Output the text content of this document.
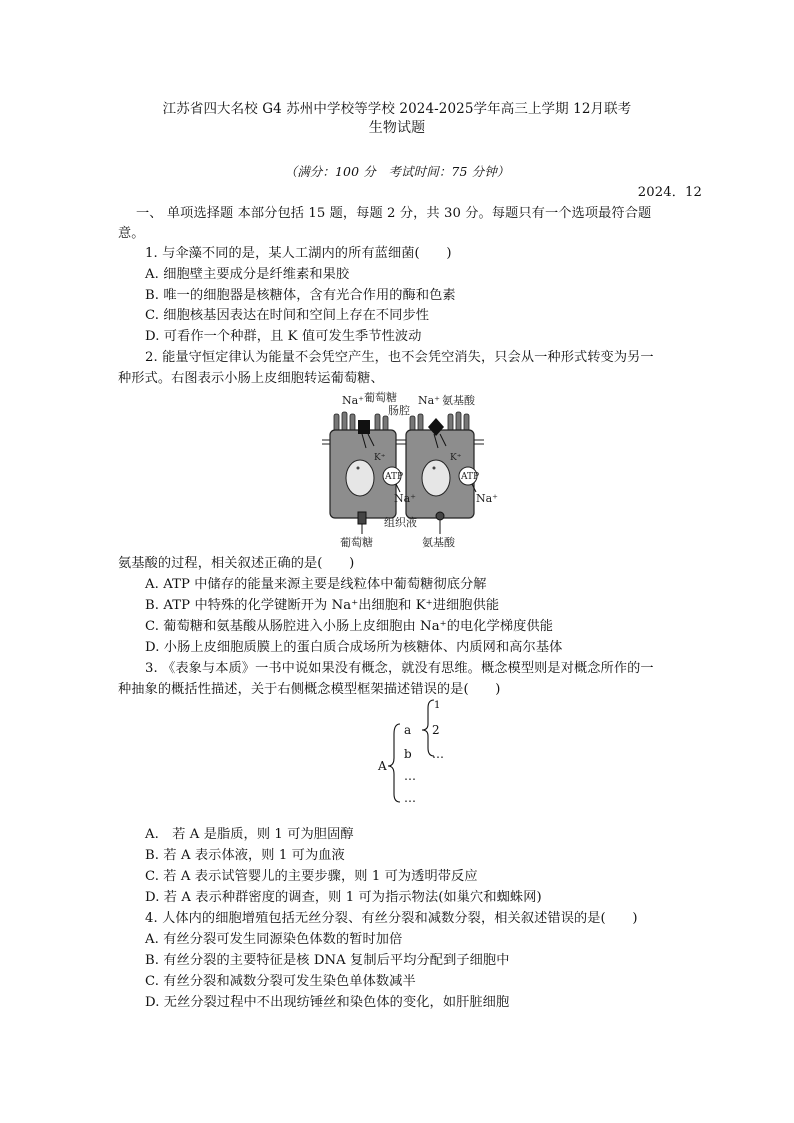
江苏省四大名校 G4 苏州中学校等学校 2024-2025学年高三上学期 12月联考
生物试题
（满分：100 分　考试时间：75 分钟）
2024．12
一、 单项选择题 本部分包括 15 题，每题 2 分，共 30 分。每题只有一个选项最符合题
意。
1. 与伞藻不同的是，某人工湖内的所有蓝细菌(　　)
A. 细胞壁主要成分是纤维素和果胶
B. 唯一的细胞器是核糖体，含有光合作用的酶和色素
C. 细胞核基因表达在时间和空间上存在不同步性
D. 可看作一个种群，且 K 值可发生季节性波动
2. 能量守恒定律认为能量不会凭空产生，也不会凭空消失，只会从一种形式转变为另一
种形式。右图表示小肠上皮细胞转运葡萄糖、
Na⁺ 葡萄糖
肠腔
Na⁺ 氨基酸
ATP	ATP
K⁺	K⁺
Na⁺	Na⁺
组织液
葡萄糖	氨基酸
氨基酸的过程，相关叙述正确的是(　　)
A. ATP 中储存的能量来源主要是线粒体中葡萄糖彻底分解
B. ATP 中特殊的化学键断开为 Na⁺出细胞和 K⁺进细胞供能
C. 葡萄糖和氨基酸从肠腔进入小肠上皮细胞由 Na⁺的电化学梯度供能
D. 小肠上皮细胞质膜上的蛋白质合成场所为核糖体、内质网和高尔基体
3. 《表象与本质》一书中说如果没有概念，就没有思维。概念模型则是对概念所作的一
种抽象的概括性描述，关于右侧概念模型框架描述错误的是(　　)
A
a
b
…
…
1
2
…
A.　若 A 是脂质，则 1 可为胆固醇
B. 若 A 表示体液，则 1 可为血液
C. 若 A 表示试管婴儿的主要步骤，则 1 可为透明带反应
D. 若 A 表示种群密度的调查，则 1 可为指示物法(如巢穴和蜘蛛网)
4. 人体内的细胞增殖包括无丝分裂、有丝分裂和减数分裂，相关叙述错误的是(　　)
A. 有丝分裂可发生同源染色体数的暂时加倍
B. 有丝分裂的主要特征是核 DNA 复制后平均分配到子细胞中
C. 有丝分裂和减数分裂可发生染色单体数减半
D. 无丝分裂过程中不出现纺锤丝和染色体的变化，如肝脏细胞
